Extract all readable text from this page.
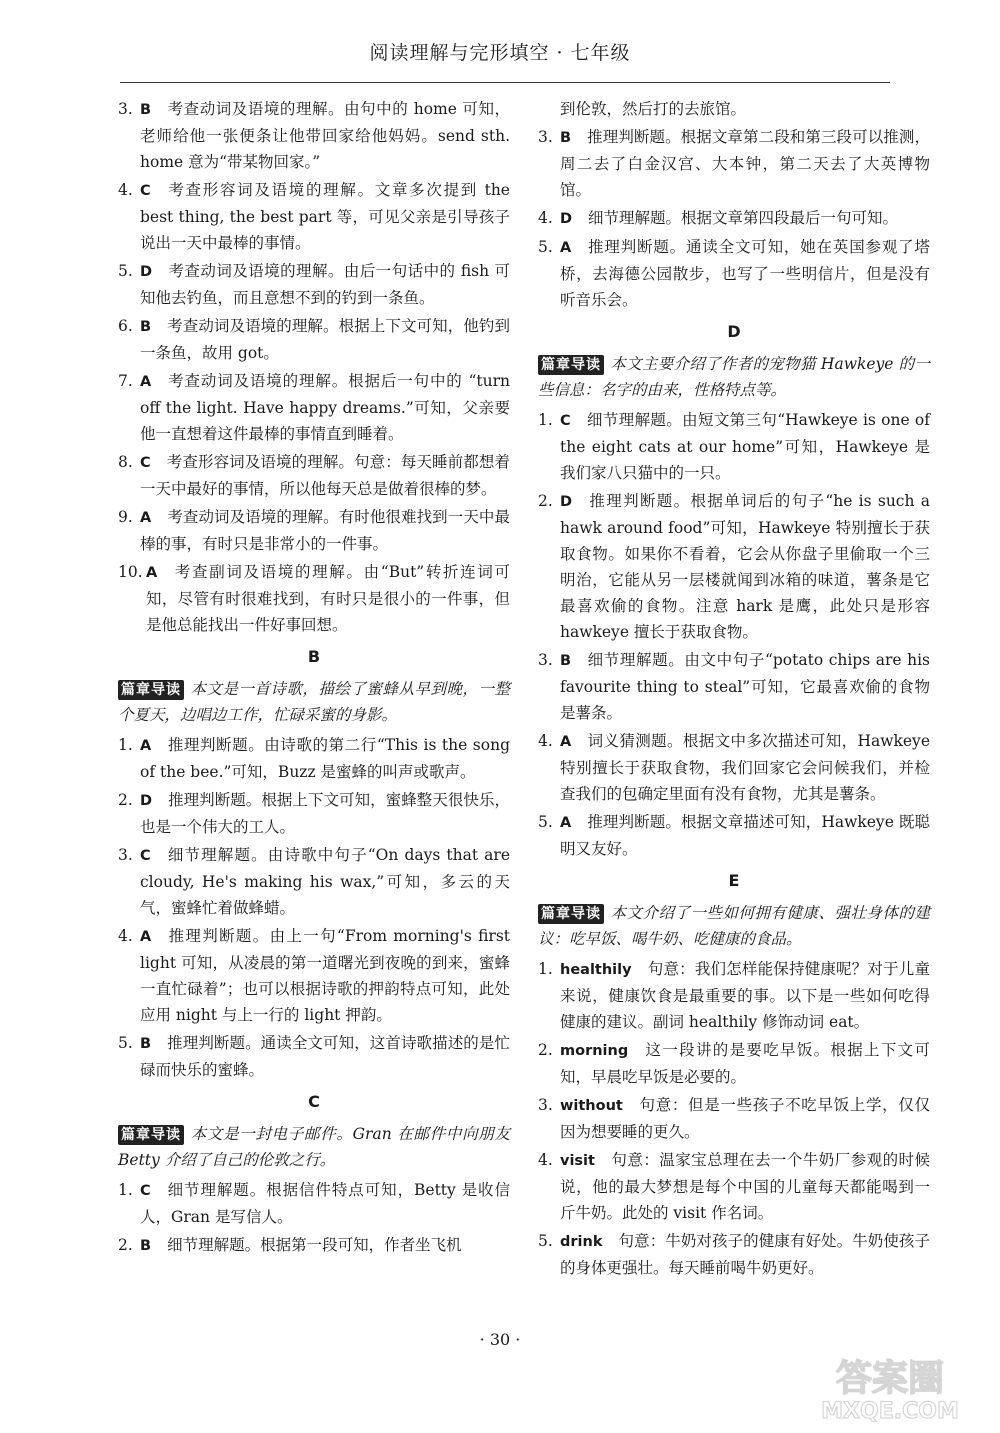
阅读理解与完形填空 · 七年级
3. B 考查动词及语境的理解。由句中的 home 可知，老师给他一张便条让他带回家给他妈妈。send sth. home 意为“带某物回家。”
4. C 考查形容词及语境的理解。文章多次提到 the best thing, the best part 等，可见父亲是引导孩子说出一天中最棒的事情。
5. D 考查动词及语境的理解。由后一句话中的 fish 可知他去钓鱼，而且意想不到的钓到一条鱼。
6. B 考查动词及语境的理解。根据上下文可知，他钓到一条鱼，故用 got。
7. A 考查动词及语境的理解。根据后一句中的 “turn off the light. Have happy dreams.”可知，父亲要他一直想着这件最棒的事情直到睡着。
8. C 考查形容词及语境的理解。句意：每天睡前都想着一天中最好的事情，所以他每天总是做着很棒的梦。
9. A 考查动词及语境的理解。有时他很难找到一天中最棒的事，有时只是非常小的一件事。
10. A 考查副词及语境的理解。由“But”转折连词可知，尽管有时很难找到，有时只是很小的一件事，但是他总能找出一件好事回想。
B
篇章导读 本文是一首诗歌，描绘了蜜蜂从早到晚，一整个夏天，边唱边工作，忙碌采蜜的身影。
1. A 推理判断题。由诗歌的第二行“This is the song of the bee.”可知，Buzz 是蜜蜂的叫声或歌声。
2. D 推理判断题。根据上下文可知，蜜蜂整天很快乐，也是一个伟大的工人。
3. C 细节理解题。由诗歌中句子“On days that are cloudy, He's making his wax,”可知，多云的天气，蜜蜂忙着做蜂蜡。
4. A 推理判断题。由上一句“From morning's first light 可知，从凌晨的第一道曙光到夜晚的到来，蜜蜂一直忙碌着”；也可以根据诗歌的押韵特点可知，此处应用 night 与上一行的 light 押韵。
5. B 推理判断题。通读全文可知，这首诗歌描述的是忙碌而快乐的蜜蜂。
C
篇章导读 本文是一封电子邮件。Gran 在邮件中向朋友 Betty 介绍了自己的伦敦之行。
1. C 细节理解题。根据信件特点可知，Betty 是收信人，Gran 是写信人。
2. B 细节理解题。根据第一段可知，作者坐飞机
到伦敦，然后打的去旅馆。
3. B 推理判断题。根据文章第二段和第三段可以推测，周二去了白金汉宫、大本钟，第二天去了大英博物馆。
4. D 细节理解题。根据文章第四段最后一句可知。
5. A 推理判断题。通读全文可知，她在英国参观了塔桥，去海德公园散步，也写了一些明信片，但是没有听音乐会。
D
篇章导读 本文主要介绍了作者的宠物猫 Hawkeye 的一些信息：名字的由来，性格特点等。
1. C 细节理解题。由短文第三句“Hawkeye is one of the eight cats at our home”可知，Hawkeye 是我们家八只猫中的一只。
2. D 推理判断题。根据单词后的句子“he is such a hawk around food”可知，Hawkeye 特别擅长于获取食物。如果你不看着，它会从你盘子里偷取一个三明治，它能从另一层楼就闻到冰箱的味道，薯条是它最喜欢偷的食物。注意 hark 是鹰，此处只是形容 hawkeye 擅长于获取食物。
3. B 细节理解题。由文中句子“potato chips are his favourite thing to steal”可知，它最喜欢偷的食物是薯条。
4. A 词义猜测题。根据文中多次描述可知，Hawkeye 特别擅长于获取食物，我们回家它会问候我们，并检查我们的包确定里面有没有食物，尤其是薯条。
5. A 推理判断题。根据文章描述可知，Hawkeye 既聪明又友好。
E
篇章导读 本文介绍了一些如何拥有健康、强壮身体的建议：吃早饭、喝牛奶、吃健康的食品。
1. healthily 句意：我们怎样能保持健康呢？对于儿童来说，健康饮食是最重要的事。以下是一些如何吃得健康的建议。副词 healthily 修饰动词 eat。
2. morning 这一段讲的是要吃早饭。根据上下文可知，早晨吃早饭是必要的。
3. without 句意：但是一些孩子不吃早饭上学，仅仅因为想要睡的更久。
4. visit 句意：温家宝总理在去一个牛奶厂参观的时候说，他的最大梦想是每个中国的儿童每天都能喝到一斤牛奶。此处的 visit 作名词。
5. drink 句意：牛奶对孩子的健康有好处。牛奶使孩子的身体更强壮。每天睡前喝牛奶更好。
· 30 ·
答案圈
MXQE.COM
